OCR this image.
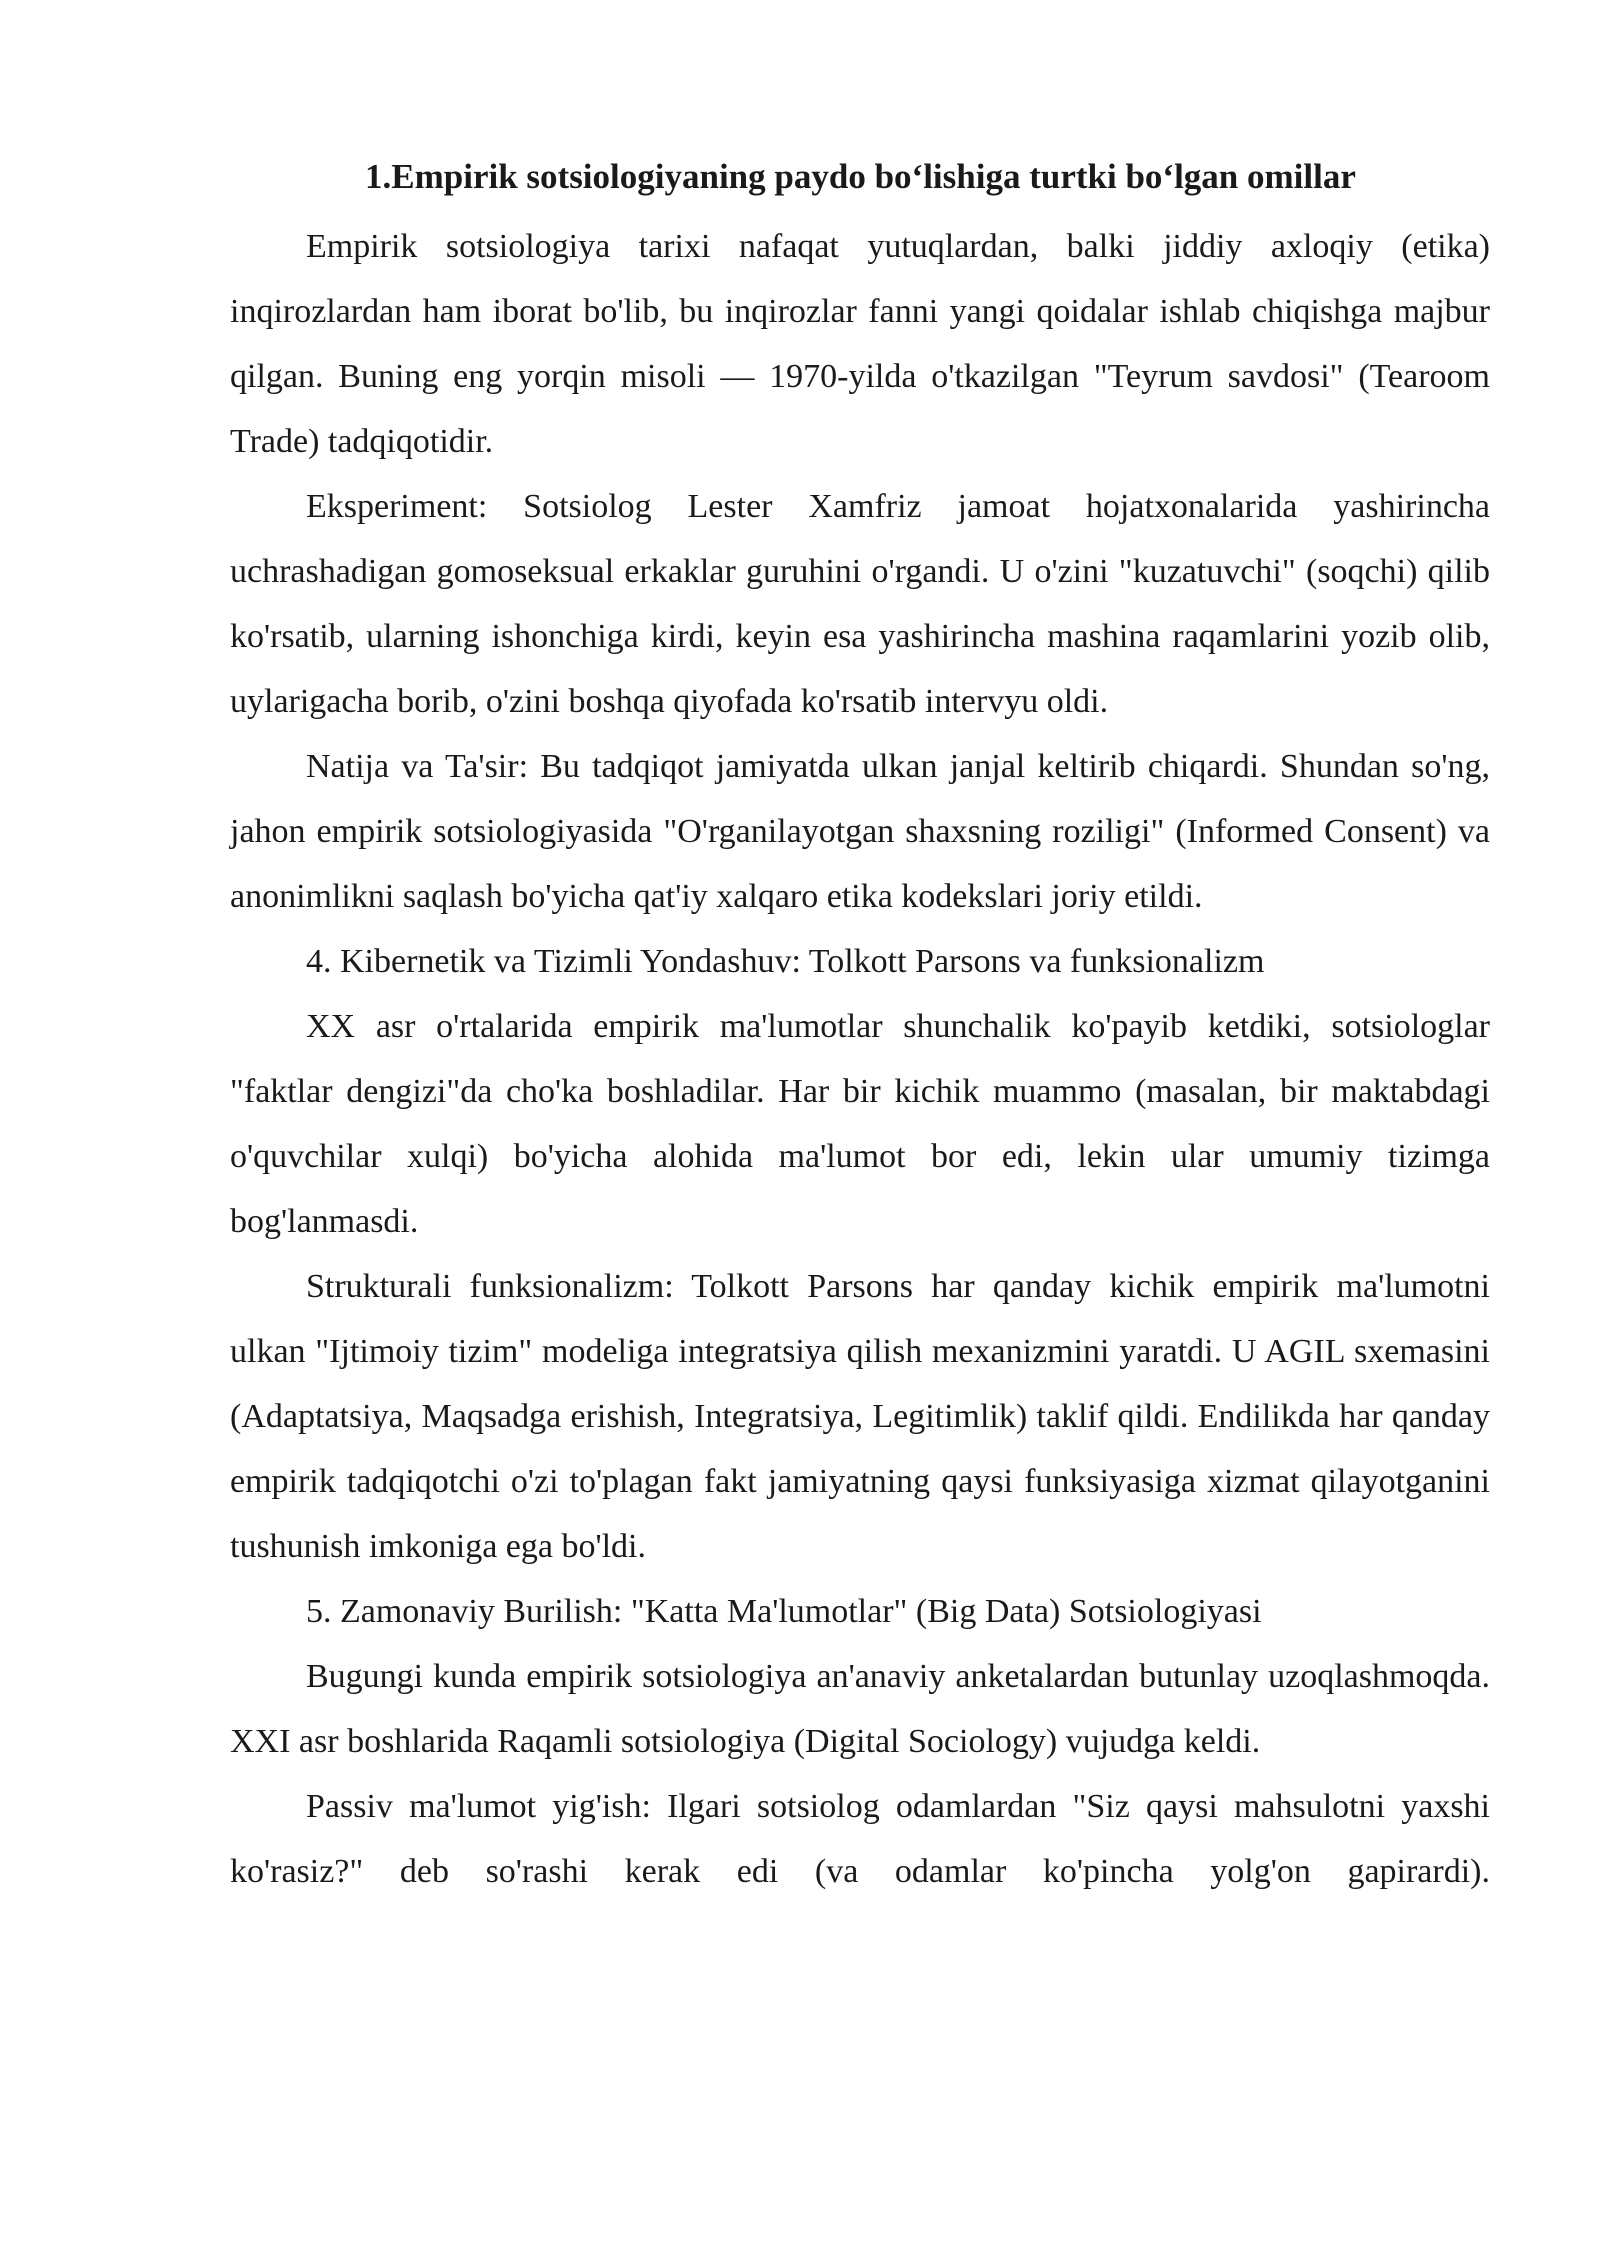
1.Empirik sotsiologiyaning paydo bo‘lishiga turtki bo‘lgan omillar

Empirik sotsiologiya tarixi nafaqat yutuqlardan, balki jiddiy axloqiy (etika) inqirozlardan ham iborat bo'lib, bu inqirozlar fanni yangi qoidalar ishlab chiqishga majbur qilgan. Buning eng yorqin misoli — 1970-yilda o'tkazilgan "Teyrum savdosi" (Tearoom Trade) tadqiqotidir.

Eksperiment: Sotsiolog Lester Xamfriz jamoat hojatxonalarida yashirincha uchrashadigan gomoseksual erkaklar guruhini o'rgandi. U o'zini "kuzatuvchi" (soqchi) qilib ko'rsatib, ularning ishonchiga kirdi, keyin esa yashirincha mashina raqamlarini yozib olib, uylarigacha borib, o'zini boshqa qiyofada ko'rsatib intervyu oldi.

Natija va Ta'sir: Bu tadqiqot jamiyatda ulkan janjal keltirib chiqardi. Shundan so'ng, jahon empirik sotsiologiyasida "O'rganilayotgan shaxsning roziligi" (Informed Consent) va anonimlikni saqlash bo'yicha qat'iy xalqaro etika kodekslari joriy etildi.

4. Kibernetik va Tizimli Yondashuv: Tolkott Parsons va funksionalizm

XX asr o'rtalarida empirik ma'lumotlar shunchalik ko'payib ketdiki, sotsiologlar "faktlar dengizi"da cho'ka boshladilar. Har bir kichik muammo (masalan, bir maktabdagi o'quvchilar xulqi) bo'yicha alohida ma'lumot bor edi, lekin ular umumiy tizimga bog'lanmasdi.

Strukturali funksionalizm: Tolkott Parsons har qanday kichik empirik ma'lumotni ulkan "Ijtimoiy tizim" modeliga integratsiya qilish mexanizmini yaratdi. U AGIL sxemasini (Adaptatsiya, Maqsadga erishish, Integratsiya, Legitimlik) taklif qildi. Endilikda har qanday empirik tadqiqotchi o'zi to'plagan fakt jamiyatning qaysi funksiyasiga xizmat qilayotganini tushunish imkoniga ega bo'ldi.

5. Zamonaviy Burilish: "Katta Ma'lumotlar" (Big Data) Sotsiologiyasi

Bugungi kunda empirik sotsiologiya an'anaviy anketalardan butunlay uzoqlashmoqda. XXI asr boshlarida Raqamli sotsiologiya (Digital Sociology) vujudga keldi.

Passiv ma'lumot yig'ish: Ilgari sotsiolog odamlardan "Siz qaysi mahsulotni yaxshi ko'rasiz?" deb so'rashi kerak edi (va odamlar ko'pincha yolg'on gapirardi).
